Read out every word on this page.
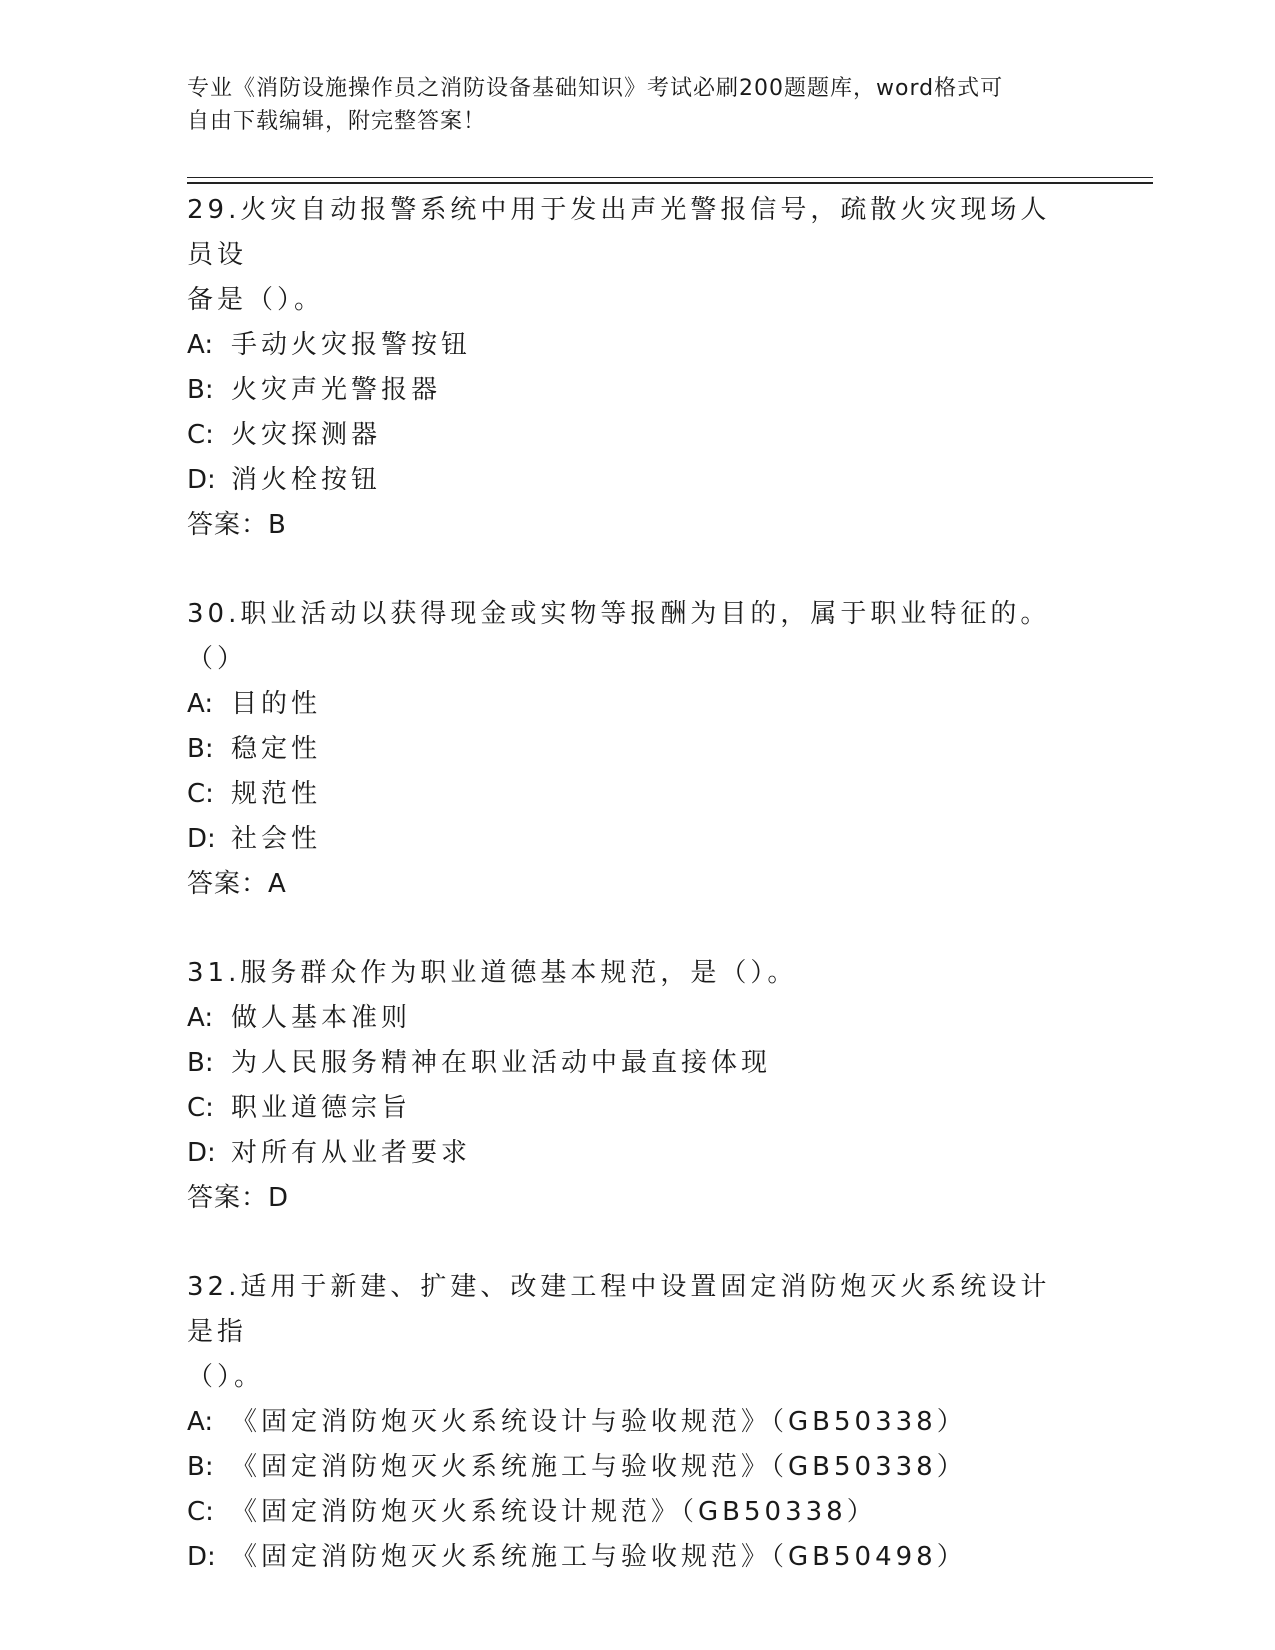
专业《消防设施操作员之消防设备基础知识》考试必刷200题题库，word格式可
自由下载编辑，附完整答案！

29.火灾自动报警系统中用于发出声光警报信号，疏散火灾现场人员设

备是（）。

A: 手动火灾报警按钮

B: 火灾声光警报器

C: 火灾探测器

D: 消火栓按钮

答案：B

30.职业活动以获得现金或实物等报酬为目的，属于职业特征的。（）

A: 目的性

B: 稳定性

C: 规范性

D: 社会性

答案：A

31.服务群众作为职业道德基本规范，是（）。

A: 做人基本准则

B: 为人民服务精神在职业活动中最直接体现

C: 职业道德宗旨

D: 对所有从业者要求

答案：D

32.适用于新建、扩建、改建工程中设置固定消防炮灭火系统设计是指

（）。

A: 《固定消防炮灭火系统设计与验收规范》（GB50338）

B: 《固定消防炮灭火系统施工与验收规范》（GB50338）

C: 《固定消防炮灭火系统设计规范》（GB50338）

D: 《固定消防炮灭火系统施工与验收规范》（GB50498）
